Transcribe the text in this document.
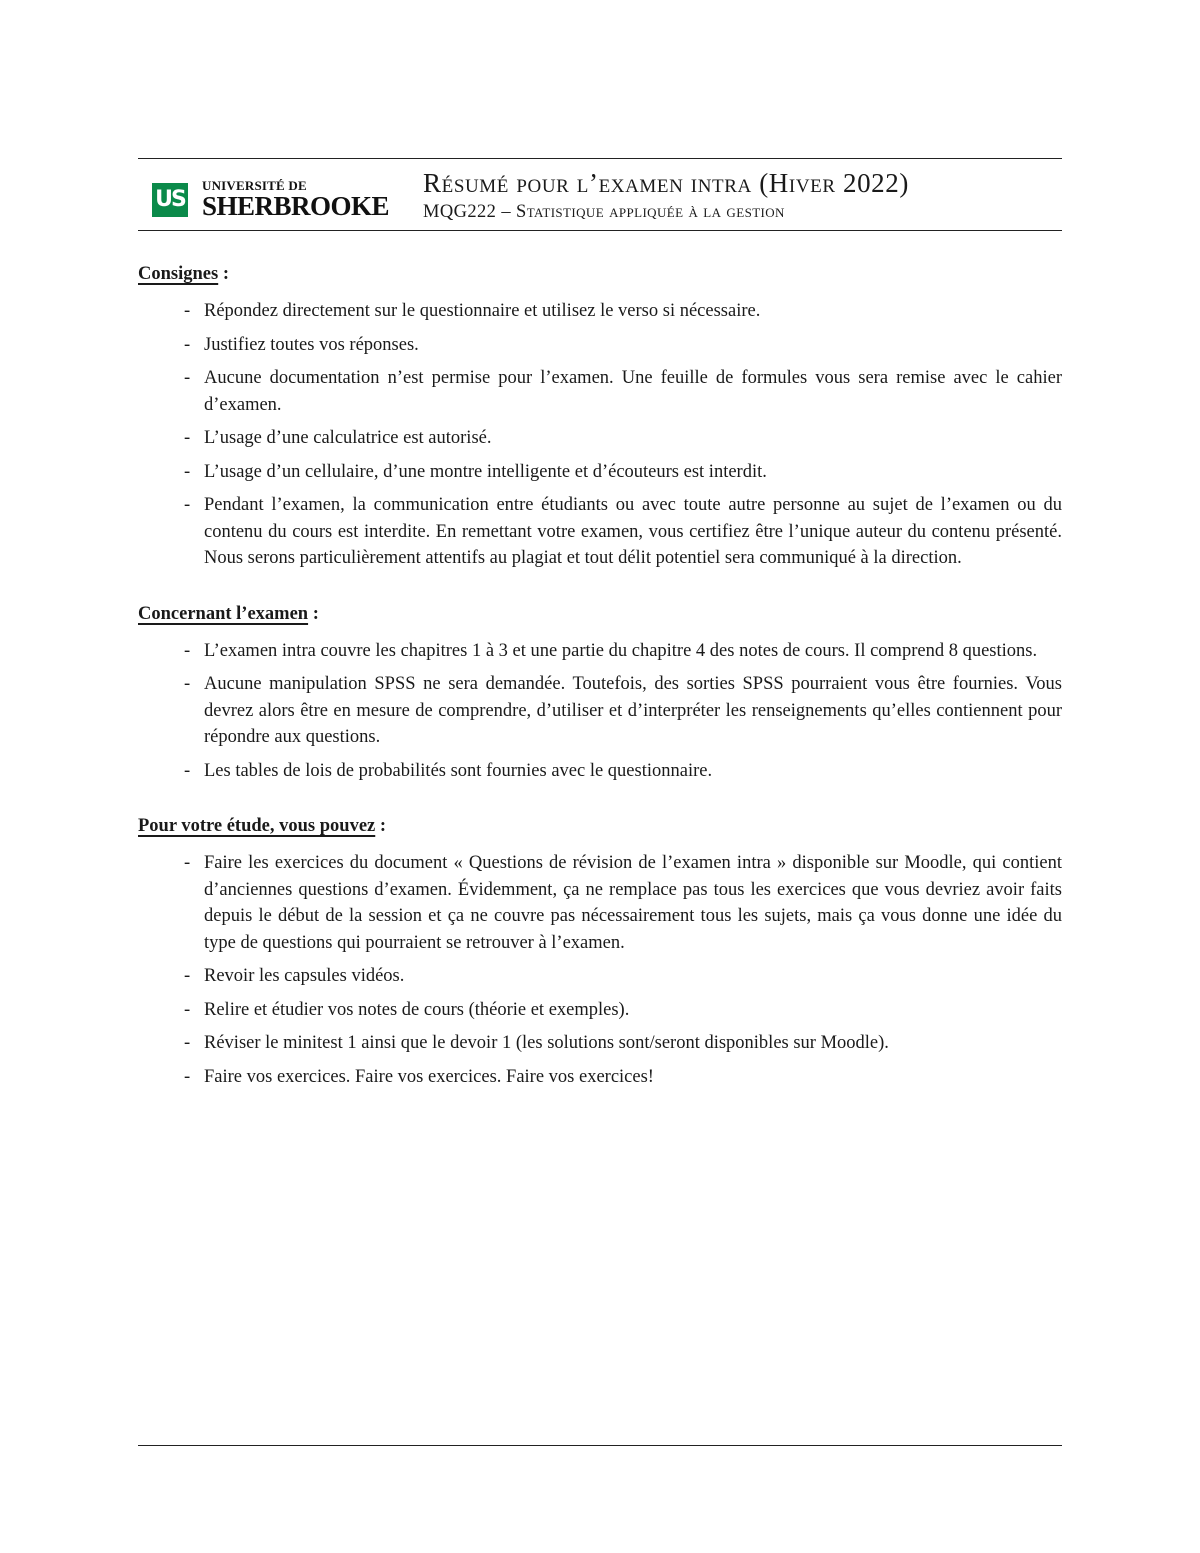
US
UNIVERSITÉ DE
SHERBROOKE
Résumé pour l’examen intra (Hiver 2022)
MQG222 – Statistique appliquée à la gestion

Consignes :

- Répondez directement sur le questionnaire et utilisez le verso si nécessaire.
- Justifiez toutes vos réponses.
- Aucune documentation n’est permise pour l’examen. Une feuille de formules vous sera remise avec le cahier d’examen.
- L’usage d’une calculatrice est autorisé.
- L’usage d’un cellulaire, d’une montre intelligente et d’écouteurs est interdit.
- Pendant l’examen, la communication entre étudiants ou avec toute autre personne au sujet de l’examen ou du contenu du cours est interdite. En remettant votre examen, vous certifiez être l’unique auteur du contenu présenté. Nous serons particulièrement attentifs au plagiat et tout délit potentiel sera communiqué à la direction.

Concernant l’examen :

- L’examen intra couvre les chapitres 1 à 3 et une partie du chapitre 4 des notes de cours. Il comprend 8 questions.
- Aucune manipulation SPSS ne sera demandée. Toutefois, des sorties SPSS pourraient vous être fournies. Vous devrez alors être en mesure de comprendre, d’utiliser et d’interpréter les renseignements qu’elles contiennent pour répondre aux questions.
- Les tables de lois de probabilités sont fournies avec le questionnaire.

Pour votre étude, vous pouvez :

- Faire les exercices du document « Questions de révision de l’examen intra » disponible sur Moodle, qui contient d’anciennes questions d’examen. Évidemment, ça ne remplace pas tous les exercices que vous devriez avoir faits depuis le début de la session et ça ne couvre pas nécessairement tous les sujets, mais ça vous donne une idée du type de questions qui pourraient se retrouver à l’examen.
- Revoir les capsules vidéos.
- Relire et étudier vos notes de cours (théorie et exemples).
- Réviser le minitest 1 ainsi que le devoir 1 (les solutions sont/seront disponibles sur Moodle).
- Faire vos exercices. Faire vos exercices. Faire vos exercices!
